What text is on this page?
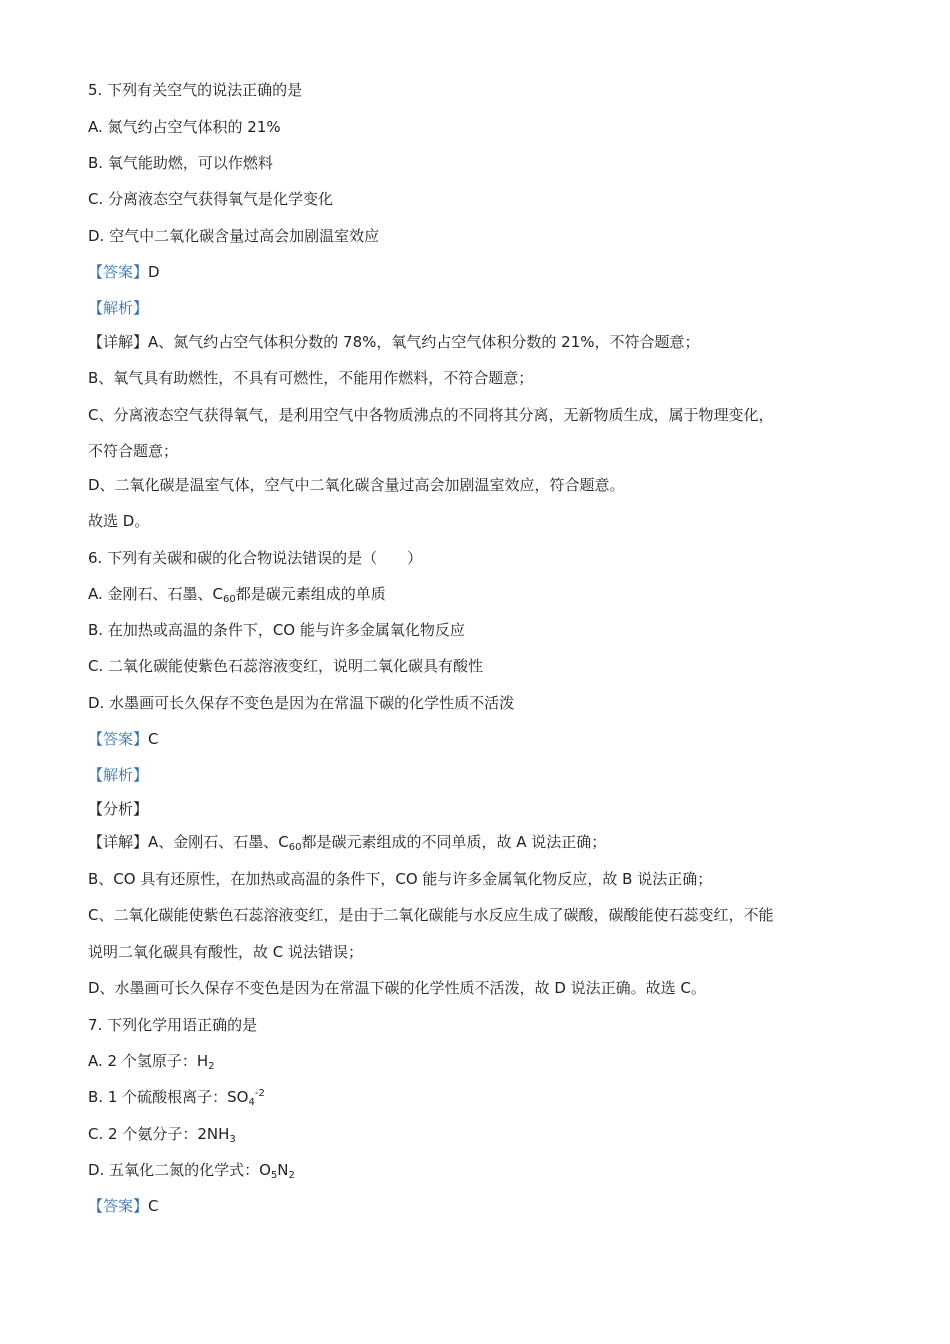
5. 下列有关空气的说法正确的是
A. 氮气约占空气体积的 21%
B. 氧气能助燃，可以作燃料
C. 分离液态空气获得氧气是化学变化
D. 空气中二氧化碳含量过高会加剧温室效应
【答案】D
【解析】
【详解】A、氮气约占空气体积分数的 78%，氧气约占空气体积分数的 21%，不符合题意；
B、氧气具有助燃性，不具有可燃性，不能用作燃料，不符合题意；
C、分离液态空气获得氧气，是利用空气中各物质沸点的不同将其分离，无新物质生成，属于物理变化，
不符合题意；
D、二氧化碳是温室气体，空气中二氧化碳含量过高会加剧温室效应，符合题意。
故选 D。
6. 下列有关碳和碳的化合物说法错误的是（　　）
A. 金刚石、石墨、$C_{60}$都是碳元素组成的单质
B. 在加热或高温的条件下，CO 能与许多金属氧化物反应
C. 二氧化碳能使紫色石蕊溶液变红，说明二氧化碳具有酸性
D. 水墨画可长久保存不变色是因为在常温下碳的化学性质不活泼
【答案】C
【解析】
【分析】
【详解】A、金刚石、石墨、$C_{60}$都是碳元素组成的不同单质，故 A 说法正确；
B、CO 具有还原性，在加热或高温的条件下，CO 能与许多金属氧化物反应，故 B 说法正确；
C、二氧化碳能使紫色石蕊溶液变红，是由于二氧化碳能与水反应生成了碳酸，碳酸能使石蕊变红，不能
说明二氧化碳具有酸性，故 C 说法错误；
D、水墨画可长久保存不变色是因为在常温下碳的化学性质不活泼，故 D 说法正确。故选 C。
7. 下列化学用语正确的是
A. 2 个氢原子：$H_2$
B. 1 个硫酸根离子：$SO_4^{-2}$
C. 2 个氨分子：$2NH_3$
D. 五氧化二氮的化学式：$O_5N_2$
【答案】C
